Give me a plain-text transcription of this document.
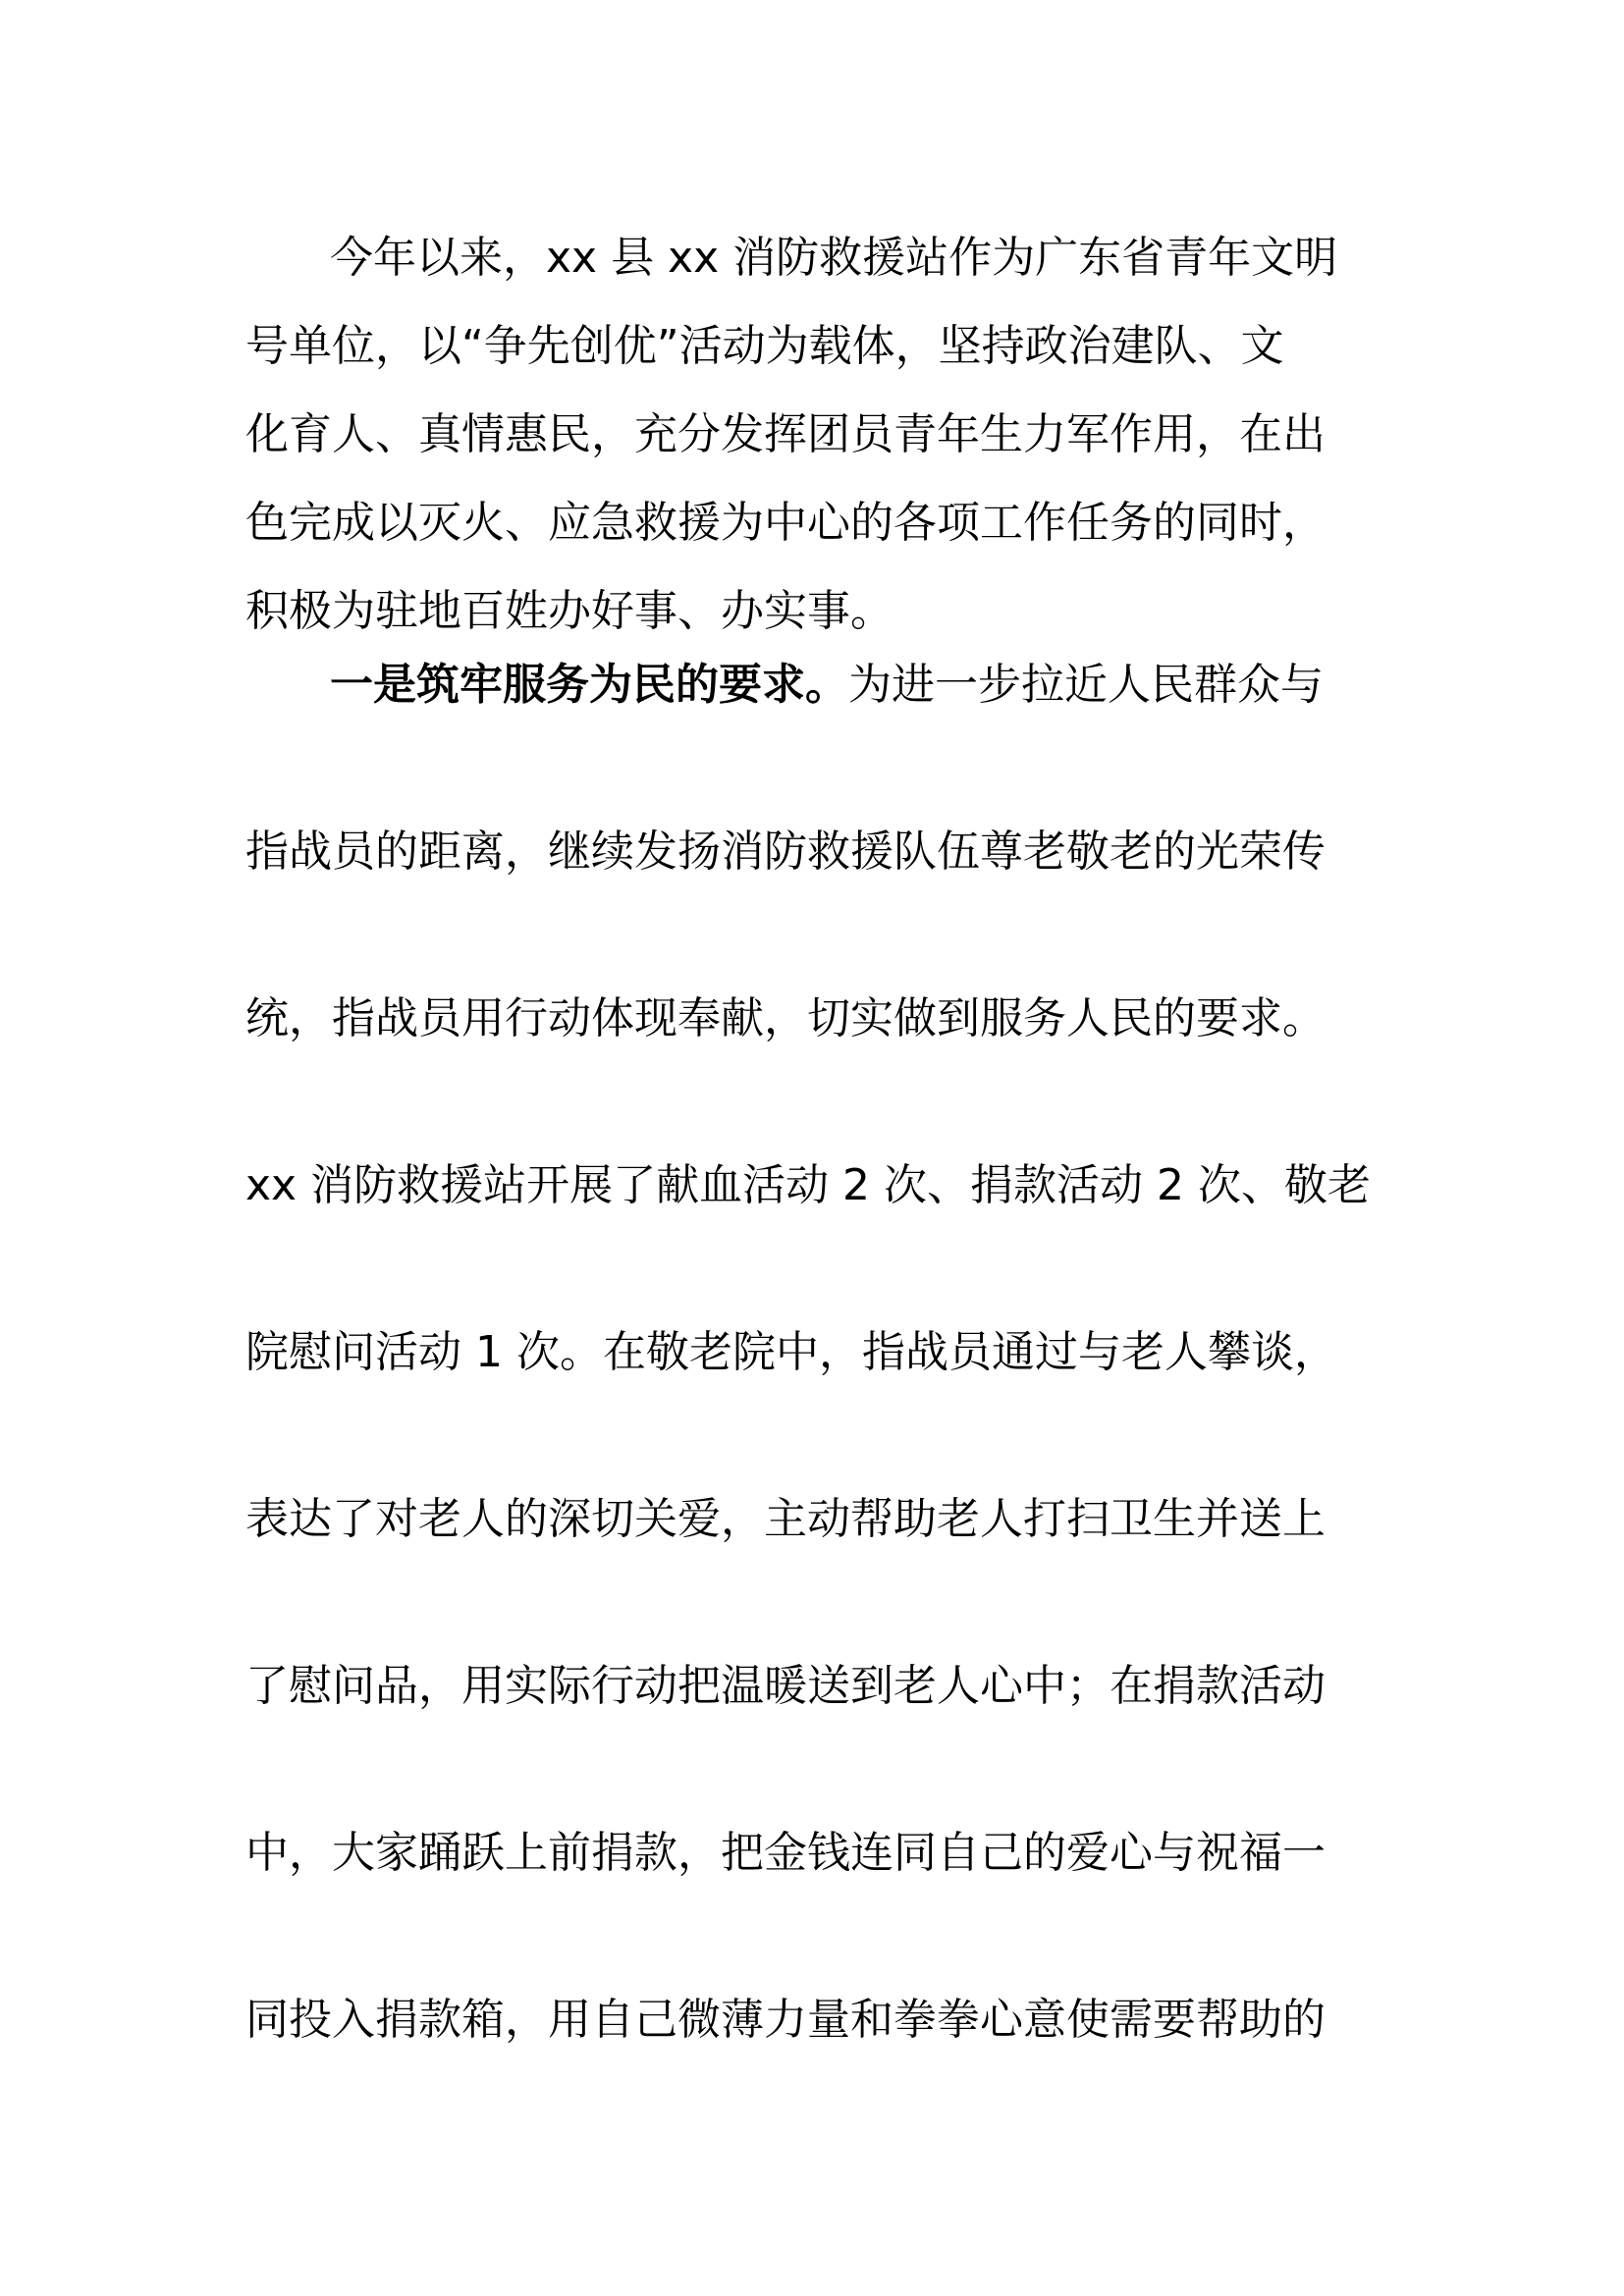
今年以来，xx 县 xx 消防救援站作为广东省青年文明
号单位，以“争先创优”活动为载体，坚持政治建队、文
化育人、真情惠民，充分发挥团员青年生力军作用，在出
色完成以灭火、应急救援为中心的各项工作任务的同时，
积极为驻地百姓办好事、办实事。
一是筑牢服务为民的要求。为进一步拉近人民群众与
指战员的距离，继续发扬消防救援队伍尊老敬老的光荣传
统，指战员用行动体现奉献，切实做到服务人民的要求。
xx 消防救援站开展了献血活动 2 次、捐款活动 2 次、敬老
院慰问活动 1 次。在敬老院中，指战员通过与老人攀谈，
表达了对老人的深切关爱，主动帮助老人打扫卫生并送上
了慰问品，用实际行动把温暖送到老人心中；在捐款活动
中，大家踊跃上前捐款，把金钱连同自己的爱心与祝福一
同投入捐款箱，用自己微薄力量和拳拳心意使需要帮助的
